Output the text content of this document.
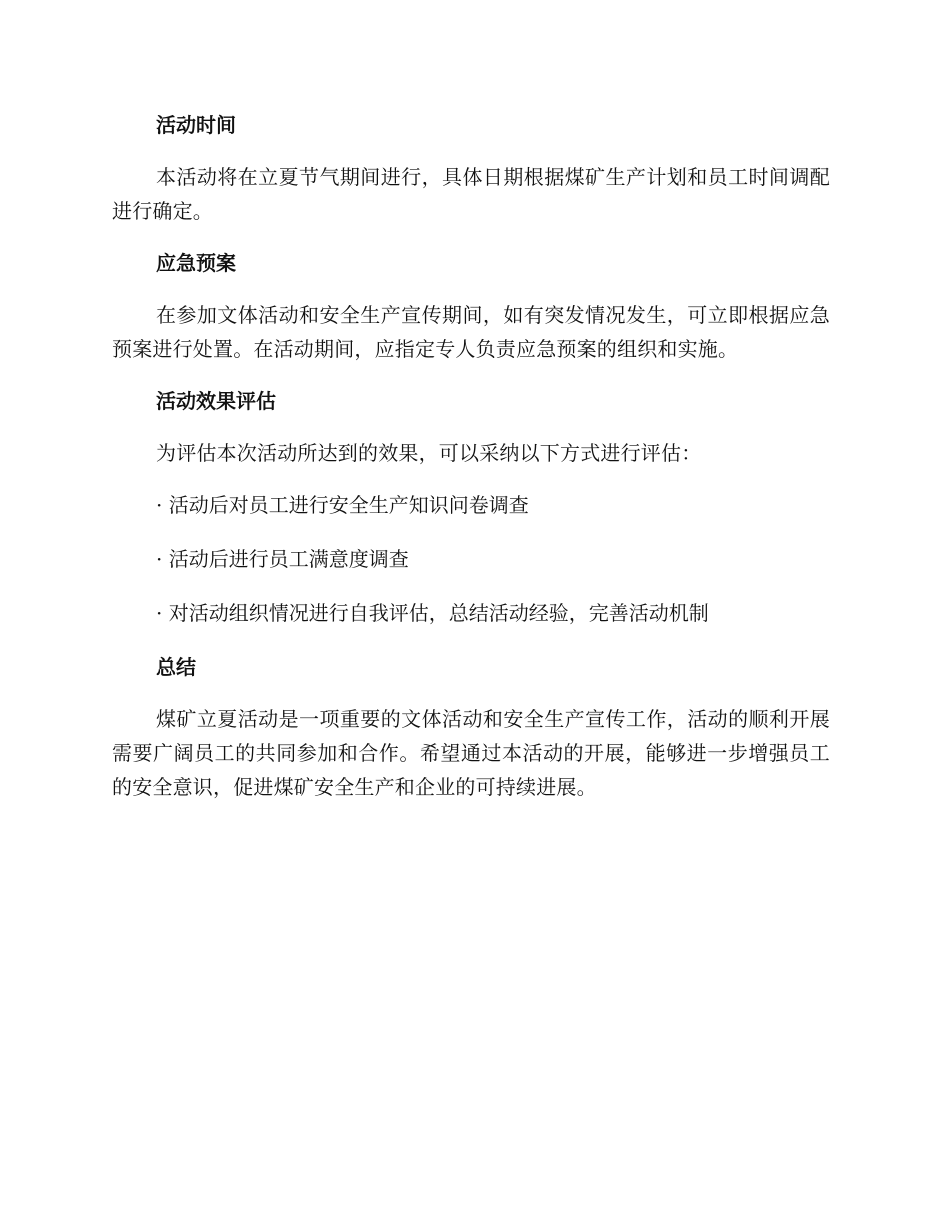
活动时间

本活动将在立夏节气期间进行，具体日期根据煤矿生产计划和员工时间调配进行确定。

应急预案

在参加文体活动和安全生产宣传期间，如有突发情况发生，可立即根据应急预案进行处置。在活动期间，应指定专人负责应急预案的组织和实施。

活动效果评估

为评估本次活动所达到的效果，可以采纳以下方式进行评估：

· 活动后对员工进行安全生产知识问卷调查
· 活动后进行员工满意度调查
· 对活动组织情况进行自我评估，总结活动经验，完善活动机制
总结

煤矿立夏活动是一项重要的文体活动和安全生产宣传工作，活动的顺利开展需要广阔员工的共同参加和合作。希望通过本活动的开展，能够进一步增强员工的安全意识，促进煤矿安全生产和企业的可持续进展。
